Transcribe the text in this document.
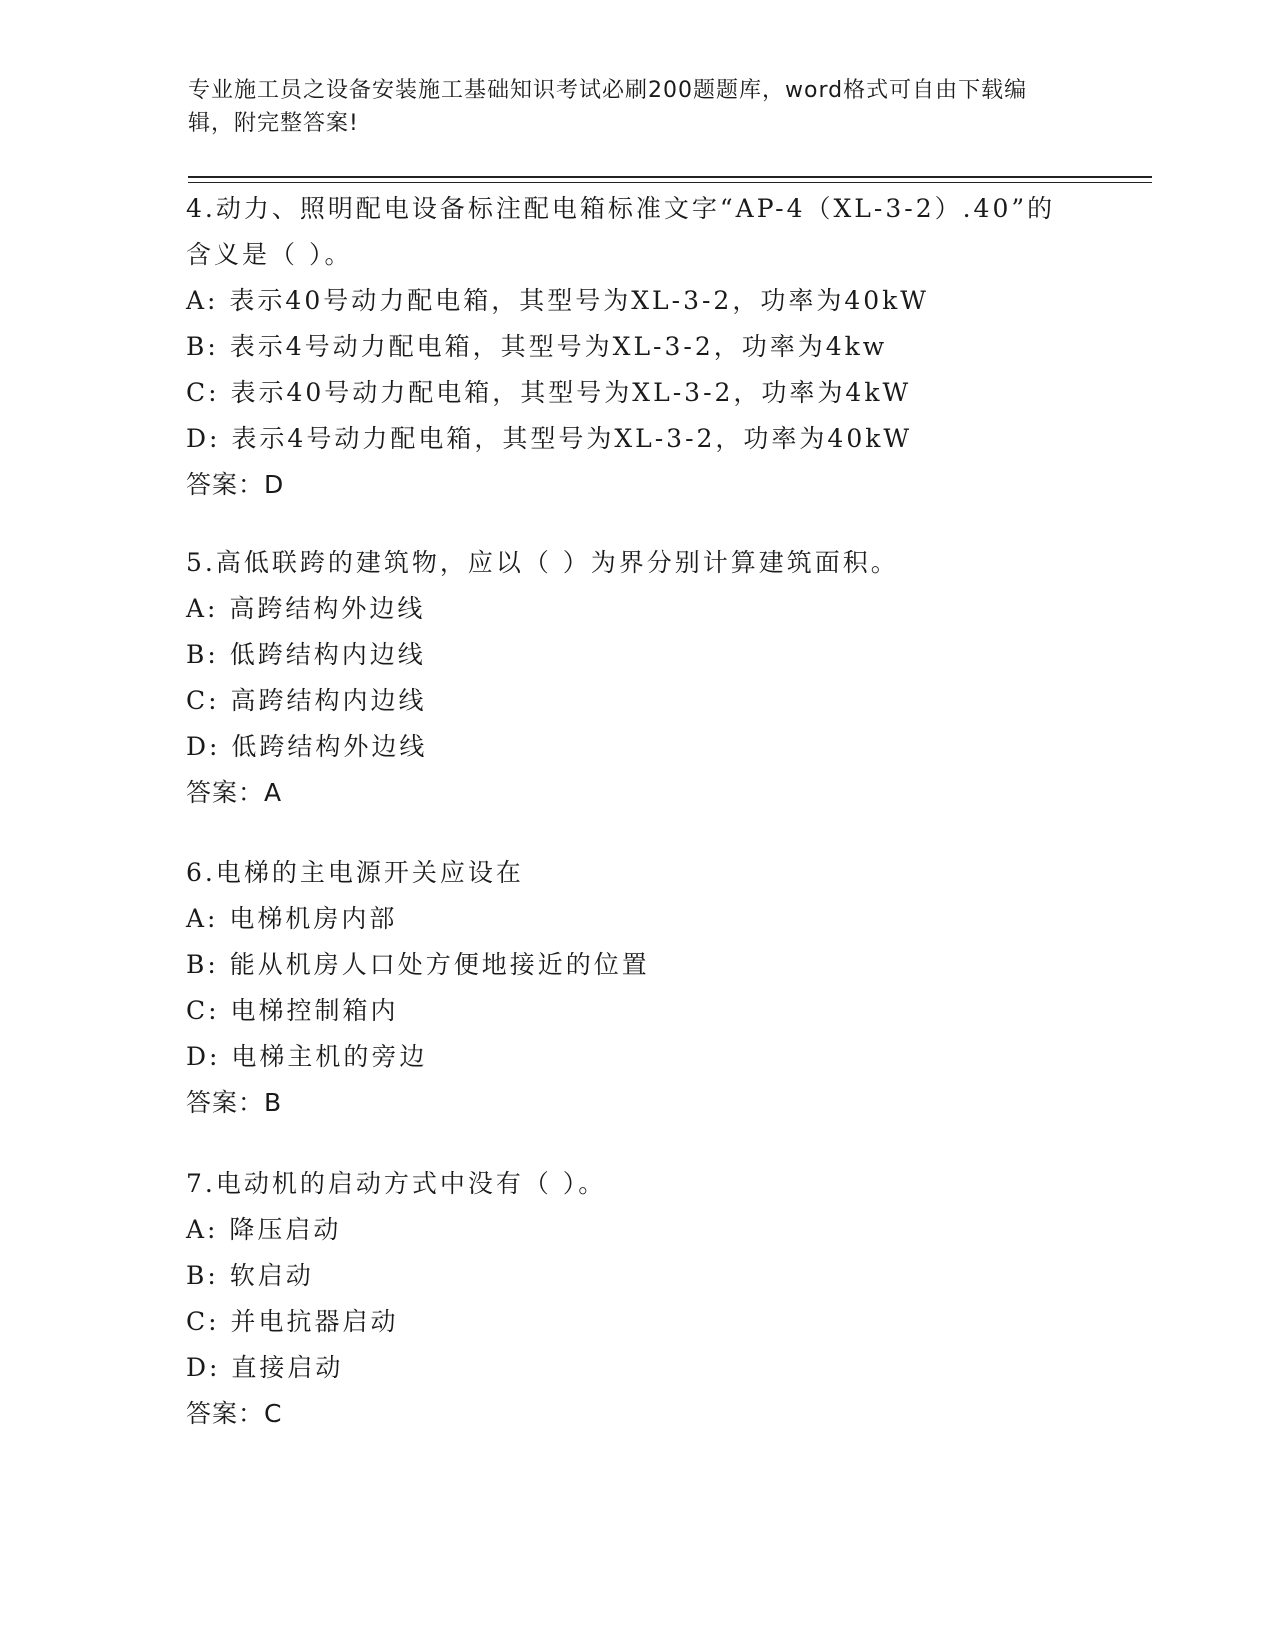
专业施工员之设备安装施工基础知识考试必刷200题题库，word格式可自由下载编辑，附完整答案!
4.动力、照明配电设备标注配电箱标准文字“AP-4（XL-3-2）.40”的
含义是（ ）。
A: 表示40号动力配电箱，其型号为XL-3-2，功率为40kW
B: 表示4号动力配电箱，其型号为XL-3-2，功率为4kw
C: 表示40号动力配电箱，其型号为XL-3-2，功率为4kW
D: 表示4号动力配电箱，其型号为XL-3-2，功率为40kW
答案：D
5.高低联跨的建筑物，应以（ ）为界分别计算建筑面积。
A: 高跨结构外边线
B: 低跨结构内边线
C: 高跨结构内边线
D: 低跨结构外边线
答案：A
6.电梯的主电源开关应设在
A: 电梯机房内部
B: 能从机房人口处方便地接近的位置
C: 电梯控制箱内
D: 电梯主机的旁边
答案：B
7.电动机的启动方式中没有（ ）。
A: 降压启动
B: 软启动
C: 并电抗器启动
D: 直接启动
答案：C
